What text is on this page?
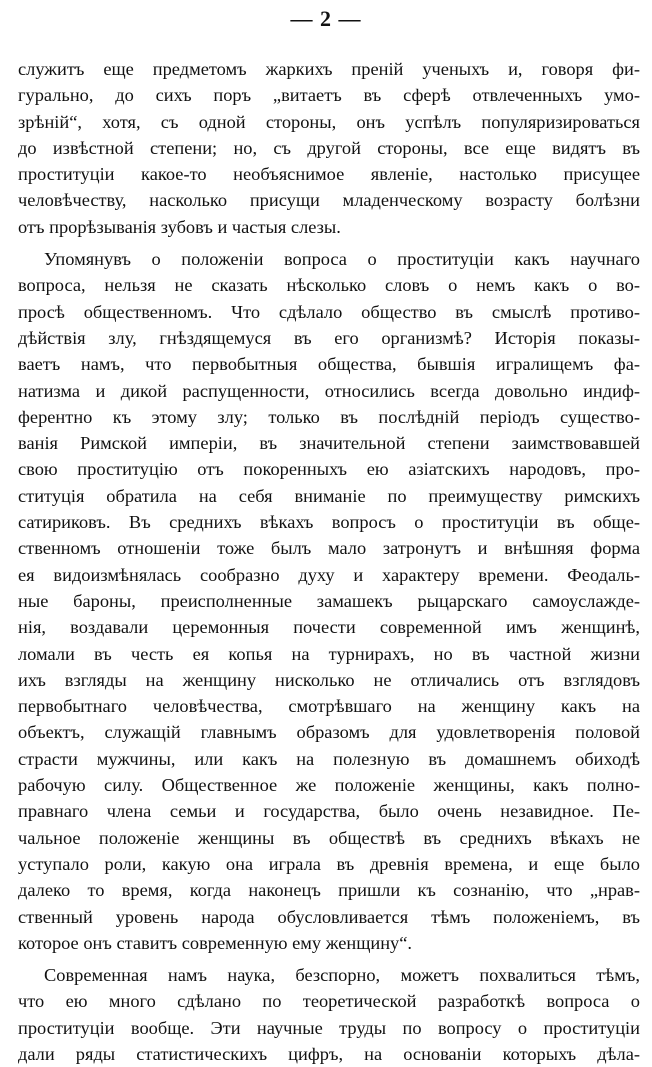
— 2 —
служитъ еще предметомъ жаркихъ преній ученыхъ и, говоря фи-
гурально, до сихъ поръ „витаетъ въ сферѣ отвлеченныхъ умо-
зрѣній“, хотя, съ одной стороны, онъ успѣлъ популяризироваться
до извѣстной степени; но, съ другой стороны, все еще видятъ въ
проституціи какое-то необъяснимое явленіе, настолько присущее
человѣчеству, насколько присущи младенческому возрасту болѣзни
отъ прорѣзыванія зубовъ и частыя слезы.
Упомянувъ о положеніи вопроса о проституціи какъ научнаго
вопроса, нельзя не сказать нѣсколько словъ о немъ какъ о во-
просѣ общественномъ. Что сдѣлало общество въ смыслѣ противо-
дѣйствія злу, гнѣздящемуся въ его организмѣ? Исторія показы-
ваетъ намъ, что первобытныя общества, бывшія игралищемъ фа-
натизма и дикой распущенности, относились всегда довольно индиф-
ферентно къ этому злу; только въ послѣдній періодъ существо-
ванія Римской имперіи, въ значительной степени заимствовавшей
свою проституцію отъ покоренныхъ ею азіатскихъ народовъ, про-
ституція обратила на себя вниманіе по преимуществу римскихъ
сатириковъ. Въ среднихъ вѣкахъ вопросъ о проституціи въ обще-
ственномъ отношеніи тоже былъ мало затронутъ и внѣшняя форма
ея видоизмѣнялась сообразно духу и характеру времени. Феодаль-
ные бароны, преисполненные замашекъ рыцарскаго самоуслажде-
нія, воздавали церемонныя почести современной имъ женщинѣ,
ломали въ честь ея копья на турнирахъ, но въ частной жизни
ихъ взгляды на женщину нисколько не отличались отъ взглядовъ
первобытнаго человѣчества, смотрѣвшаго на женщину какъ на
объектъ, служащій главнымъ образомъ для удовлетворенія половой
страсти мужчины, или какъ на полезную въ домашнемъ обиходѣ
рабочую силу. Общественное же положеніе женщины, какъ полно-
правнаго члена семьи и государства, было очень незавидное. Пе-
чальное положеніе женщины въ обществѣ въ среднихъ вѣкахъ не
уступало роли, какую она играла въ древнія времена, и еще было
далеко то время, когда наконецъ пришли къ сознанію, что „нрав-
ственный уровень народа обусловливается тѣмъ положеніемъ, въ
которое онъ ставитъ современную ему женщину“.
Современная намъ наука, безспорно, можетъ похвалиться тѣмъ,
что ею много сдѣлано по теоретической разработкѣ вопроса о
проституціи вообще. Эти научные труды по вопросу о проституціи
дали ряды статистическихъ цифръ, на основаніи которыхъ дѣла-
